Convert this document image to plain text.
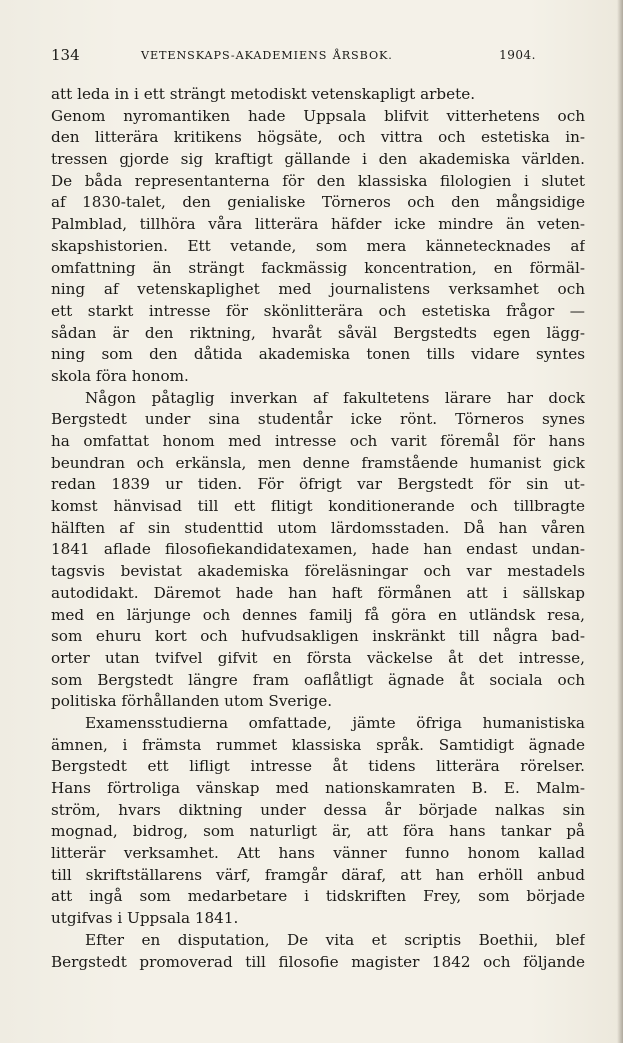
134	VETENSKAPS-AKADEMIENS ÅRSBOK.	1904.
att leda in i ett strängt metodiskt vetenskapligt arbete.
Genom nyromantiken hade Uppsala blifvit vitterhetens och
den litterära kritikens högsäte, och vittra och estetiska in-
tressen gjorde sig kraftigt gällande i den akademiska världen.
De båda representanterna för den klassiska filologien i slutet
af 1830-talet, den genialiske Törneros och den mångsidige
Palmblad, tillhöra våra litterära häfder icke mindre än veten-
skapshistorien. Ett vetande, som mera kännetecknades af
omfattning än strängt fackmässig koncentration, en förmäl-
ning af vetenskaplighet med journalistens verksamhet och
ett starkt intresse för skönlitterära och estetiska frågor —
sådan är den riktning, hvaråt såväl Bergstedts egen lägg-
ning som den dåtida akademiska tonen tills vidare syntes
skola föra honom.
Någon påtaglig inverkan af fakultetens lärare har dock
Bergstedt under sina studentår icke rönt. Törneros synes
ha omfattat honom med intresse och varit föremål för hans
beundran och erkänsla, men denne framstående humanist gick
redan 1839 ur tiden. För öfrigt var Bergstedt för sin ut-
komst hänvisad till ett flitigt konditionerande och tillbragte
hälften af sin studenttid utom lärdomsstaden. Då han våren
1841 aflade filosofiekandidatexamen, hade han endast undan-
tagsvis bevistat akademiska föreläsningar och var mestadels
autodidakt. Däremot hade han haft förmånen att i sällskap
med en lärjunge och dennes familj få göra en utländsk resa,
som ehuru kort och hufvudsakligen inskränkt till några bad-
orter utan tvifvel gifvit en första väckelse åt det intresse,
som Bergstedt längre fram oaflåtligt ägnade åt sociala och
politiska förhållanden utom Sverige.
Examensstudierna omfattade, jämte öfriga humanistiska
ämnen, i främsta rummet klassiska språk. Samtidigt ägnade
Bergstedt ett lifligt intresse åt tidens litterära rörelser.
Hans förtroliga vänskap med nationskamraten B. E. Malm-
ström, hvars diktning under dessa år började nalkas sin
mognad, bidrog, som naturligt är, att föra hans tankar på
litterär verksamhet. Att hans vänner funno honom kallad
till skriftställarens värf, framgår däraf, att han erhöll anbud
att ingå som medarbetare i tidskriften Frey, som började
utgifvas i Uppsala 1841.
Efter en disputation, De vita et scriptis Boethii, blef
Bergstedt promoverad till filosofie magister 1842 och följande
